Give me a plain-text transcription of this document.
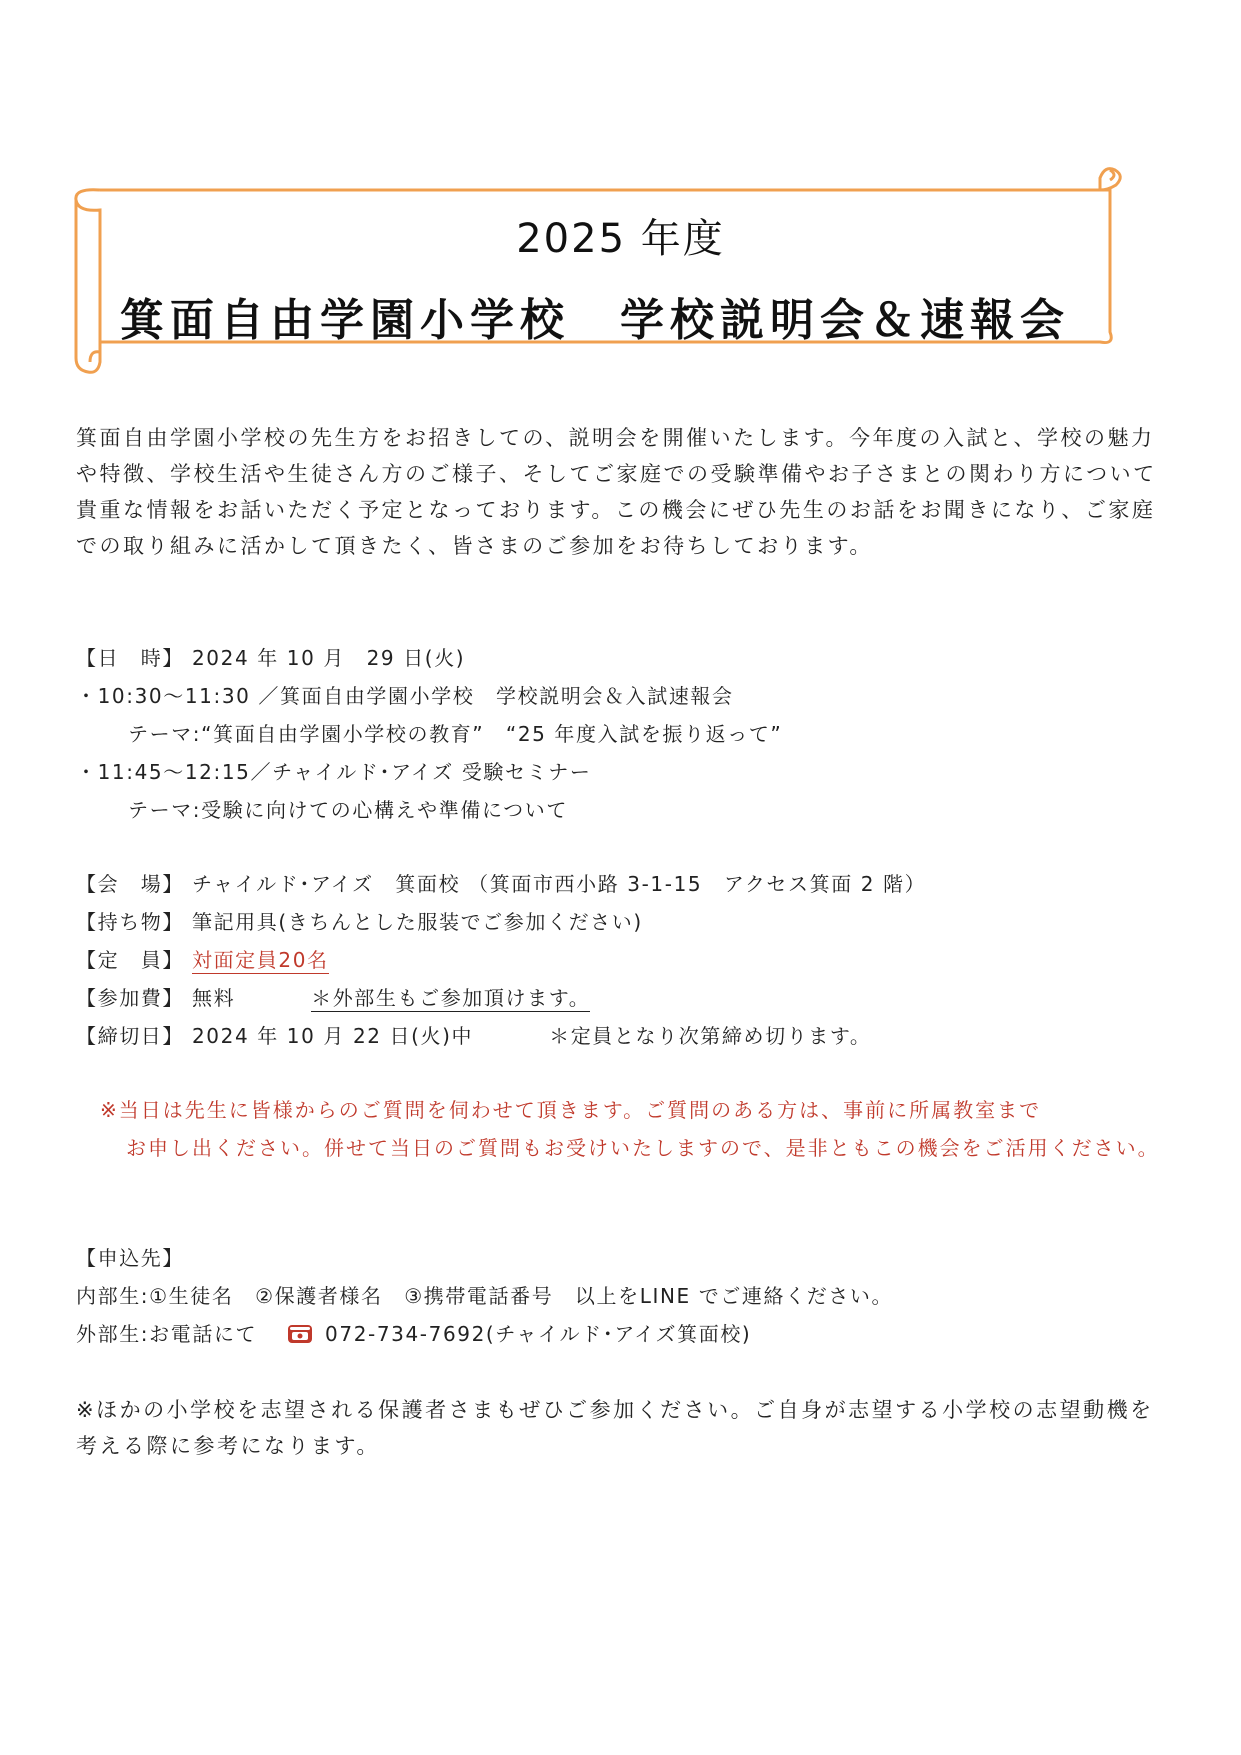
2025 年度
箕面自由学園小学校　学校説明会＆速報会
箕面自由学園小学校の先生方をお招きしての、説明会を開催いたします。今年度の入試と、学校の魅力や特徴、学校生活や生徒さん方のご様子、そしてご家庭での受験準備やお子さまとの関わり方について貴重な情報をお話いただく予定となっております。この機会にぜひ先生のお話をお聞きになり、ご家庭での取り組みに活かして頂きたく、皆さまのご参加をお待ちしております。
【日　時】 2024 年 10 月　29 日(火)
・10:30～11:30 ／箕面自由学園小学校　学校説明会＆入試速報会
テーマ:“箕面自由学園小学校の教育”　“25 年度入試を振り返って”
・11:45～12:15／チャイルド･アイズ 受験セミナー
テーマ:受験に向けての心構えや準備について
【会　場】 チャイルド･アイズ　箕面校 （箕面市西小路 3-1-15　アクセス箕面 2 階）
【持ち物】 筆記用具(きちんとした服装でご参加ください)
【定　員】 対面定員20名
【参加費】 無料	＊外部生もご参加頂けます。
【締切日】 2024 年 10 月 22 日(火)中	＊定員となり次第締め切ります。
※当日は先生に皆様からのご質問を伺わせて頂きます。ご質問のある方は、事前に所属教室まで
お申し出ください。併せて当日のご質問もお受けいたしますので、是非ともこの機会をご活用ください。
【申込先】
内部生:①生徒名　②保護者様名　③携帯電話番号　以上をLINE でご連絡ください。
外部生:お電話にて	072-734-7692(チャイルド･アイズ箕面校)
※ほかの小学校を志望される保護者さまもぜひご参加ください。ご自身が志望する小学校の志望動機を考える際に参考になります。
